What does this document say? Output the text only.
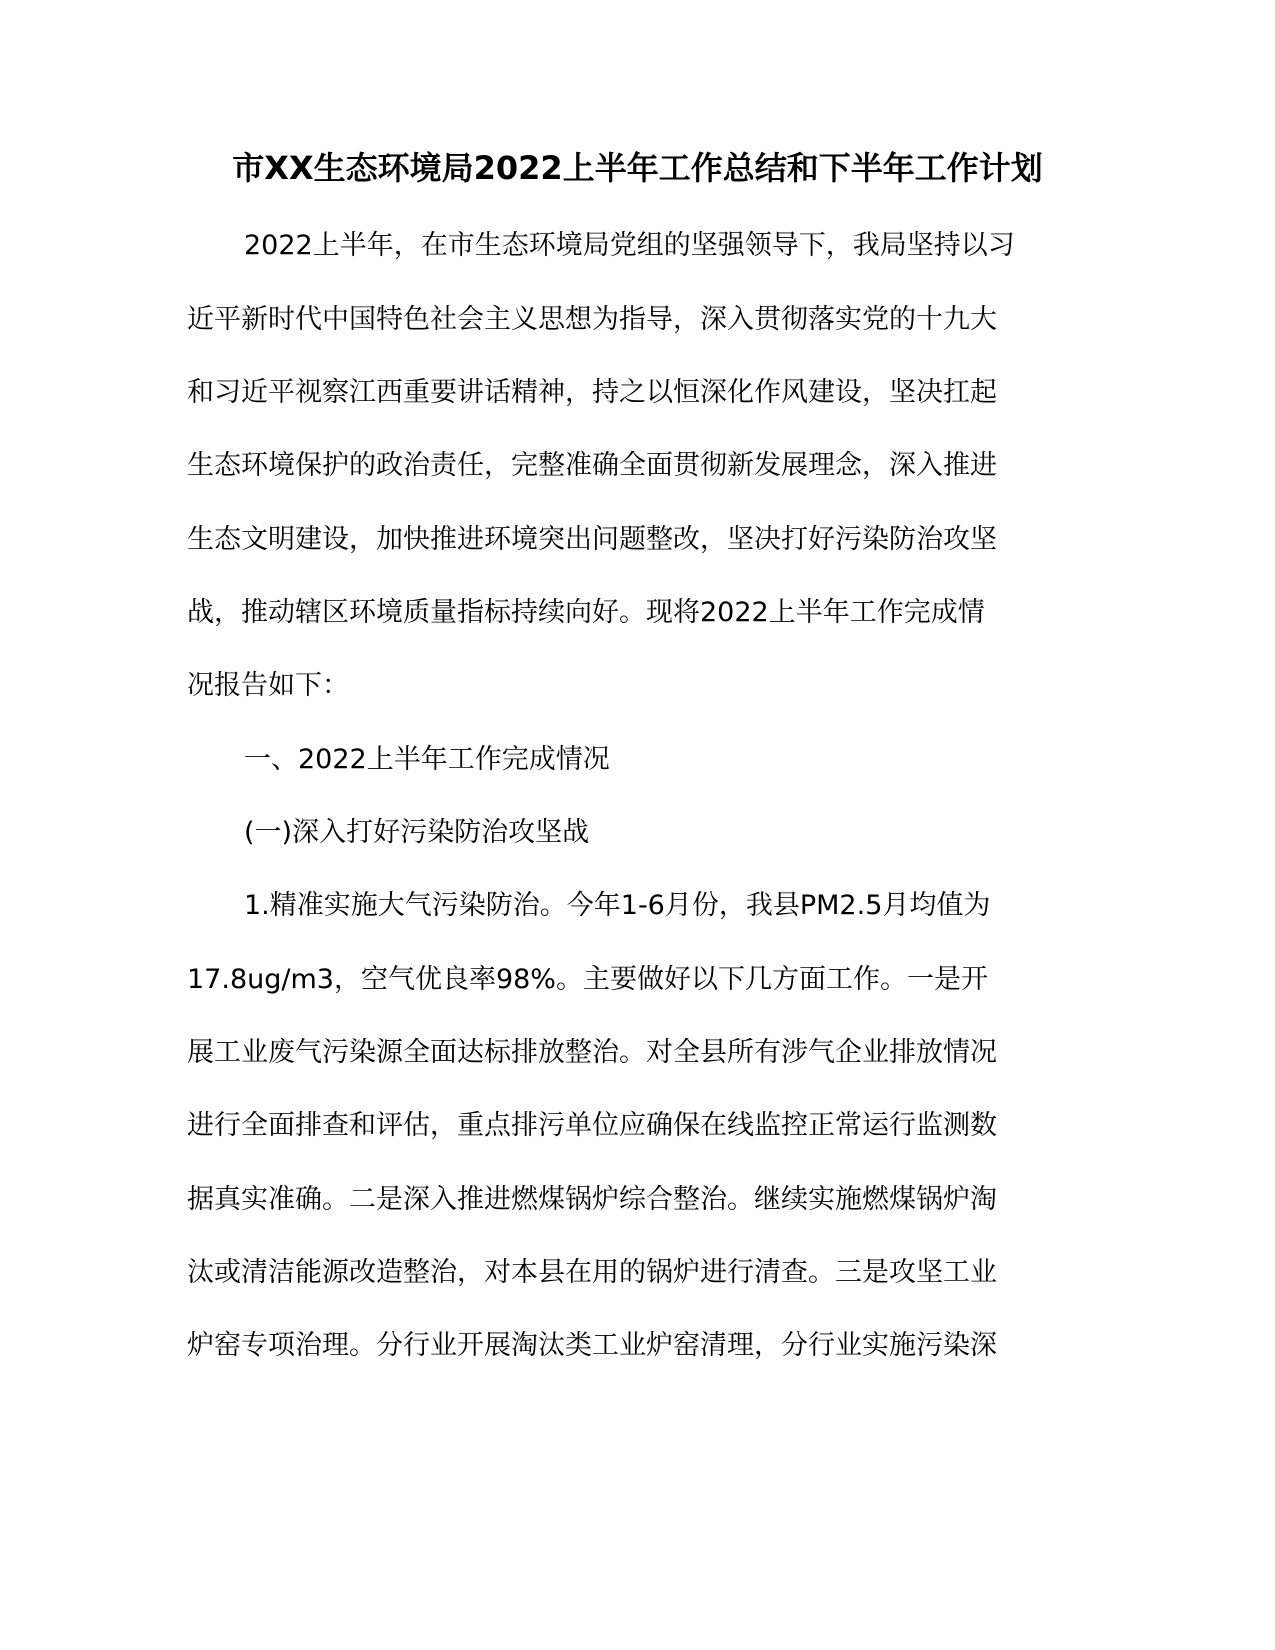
市XX生态环境局2022上半年工作总结和下半年工作计划
2022上半年，在市生态环境局党组的坚强领导下，我局坚持以习
近平新时代中国特色社会主义思想为指导，深入贯彻落实党的十九大
和习近平视察江西重要讲话精神，持之以恒深化作风建设，坚决扛起
生态环境保护的政治责任，完整准确全面贯彻新发展理念，深入推进
生态文明建设，加快推进环境突出问题整改，坚决打好污染防治攻坚
战，推动辖区环境质量指标持续向好。现将2022上半年工作完成情
况报告如下：
一、2022上半年工作完成情况
(一)深入打好污染防治攻坚战
1.精准实施大气污染防治。今年1-6月份，我县PM2.5月均值为
17.8ug/m3，空气优良率98%。主要做好以下几方面工作。一是开
展工业废气污染源全面达标排放整治。对全县所有涉气企业排放情况
进行全面排查和评估，重点排污单位应确保在线监控正常运行监测数
据真实准确。二是深入推进燃煤锅炉综合整治。继续实施燃煤锅炉淘
汰或清洁能源改造整治，对本县在用的锅炉进行清查。三是攻坚工业
炉窑专项治理。分行业开展淘汰类工业炉窑清理，分行业实施污染深
